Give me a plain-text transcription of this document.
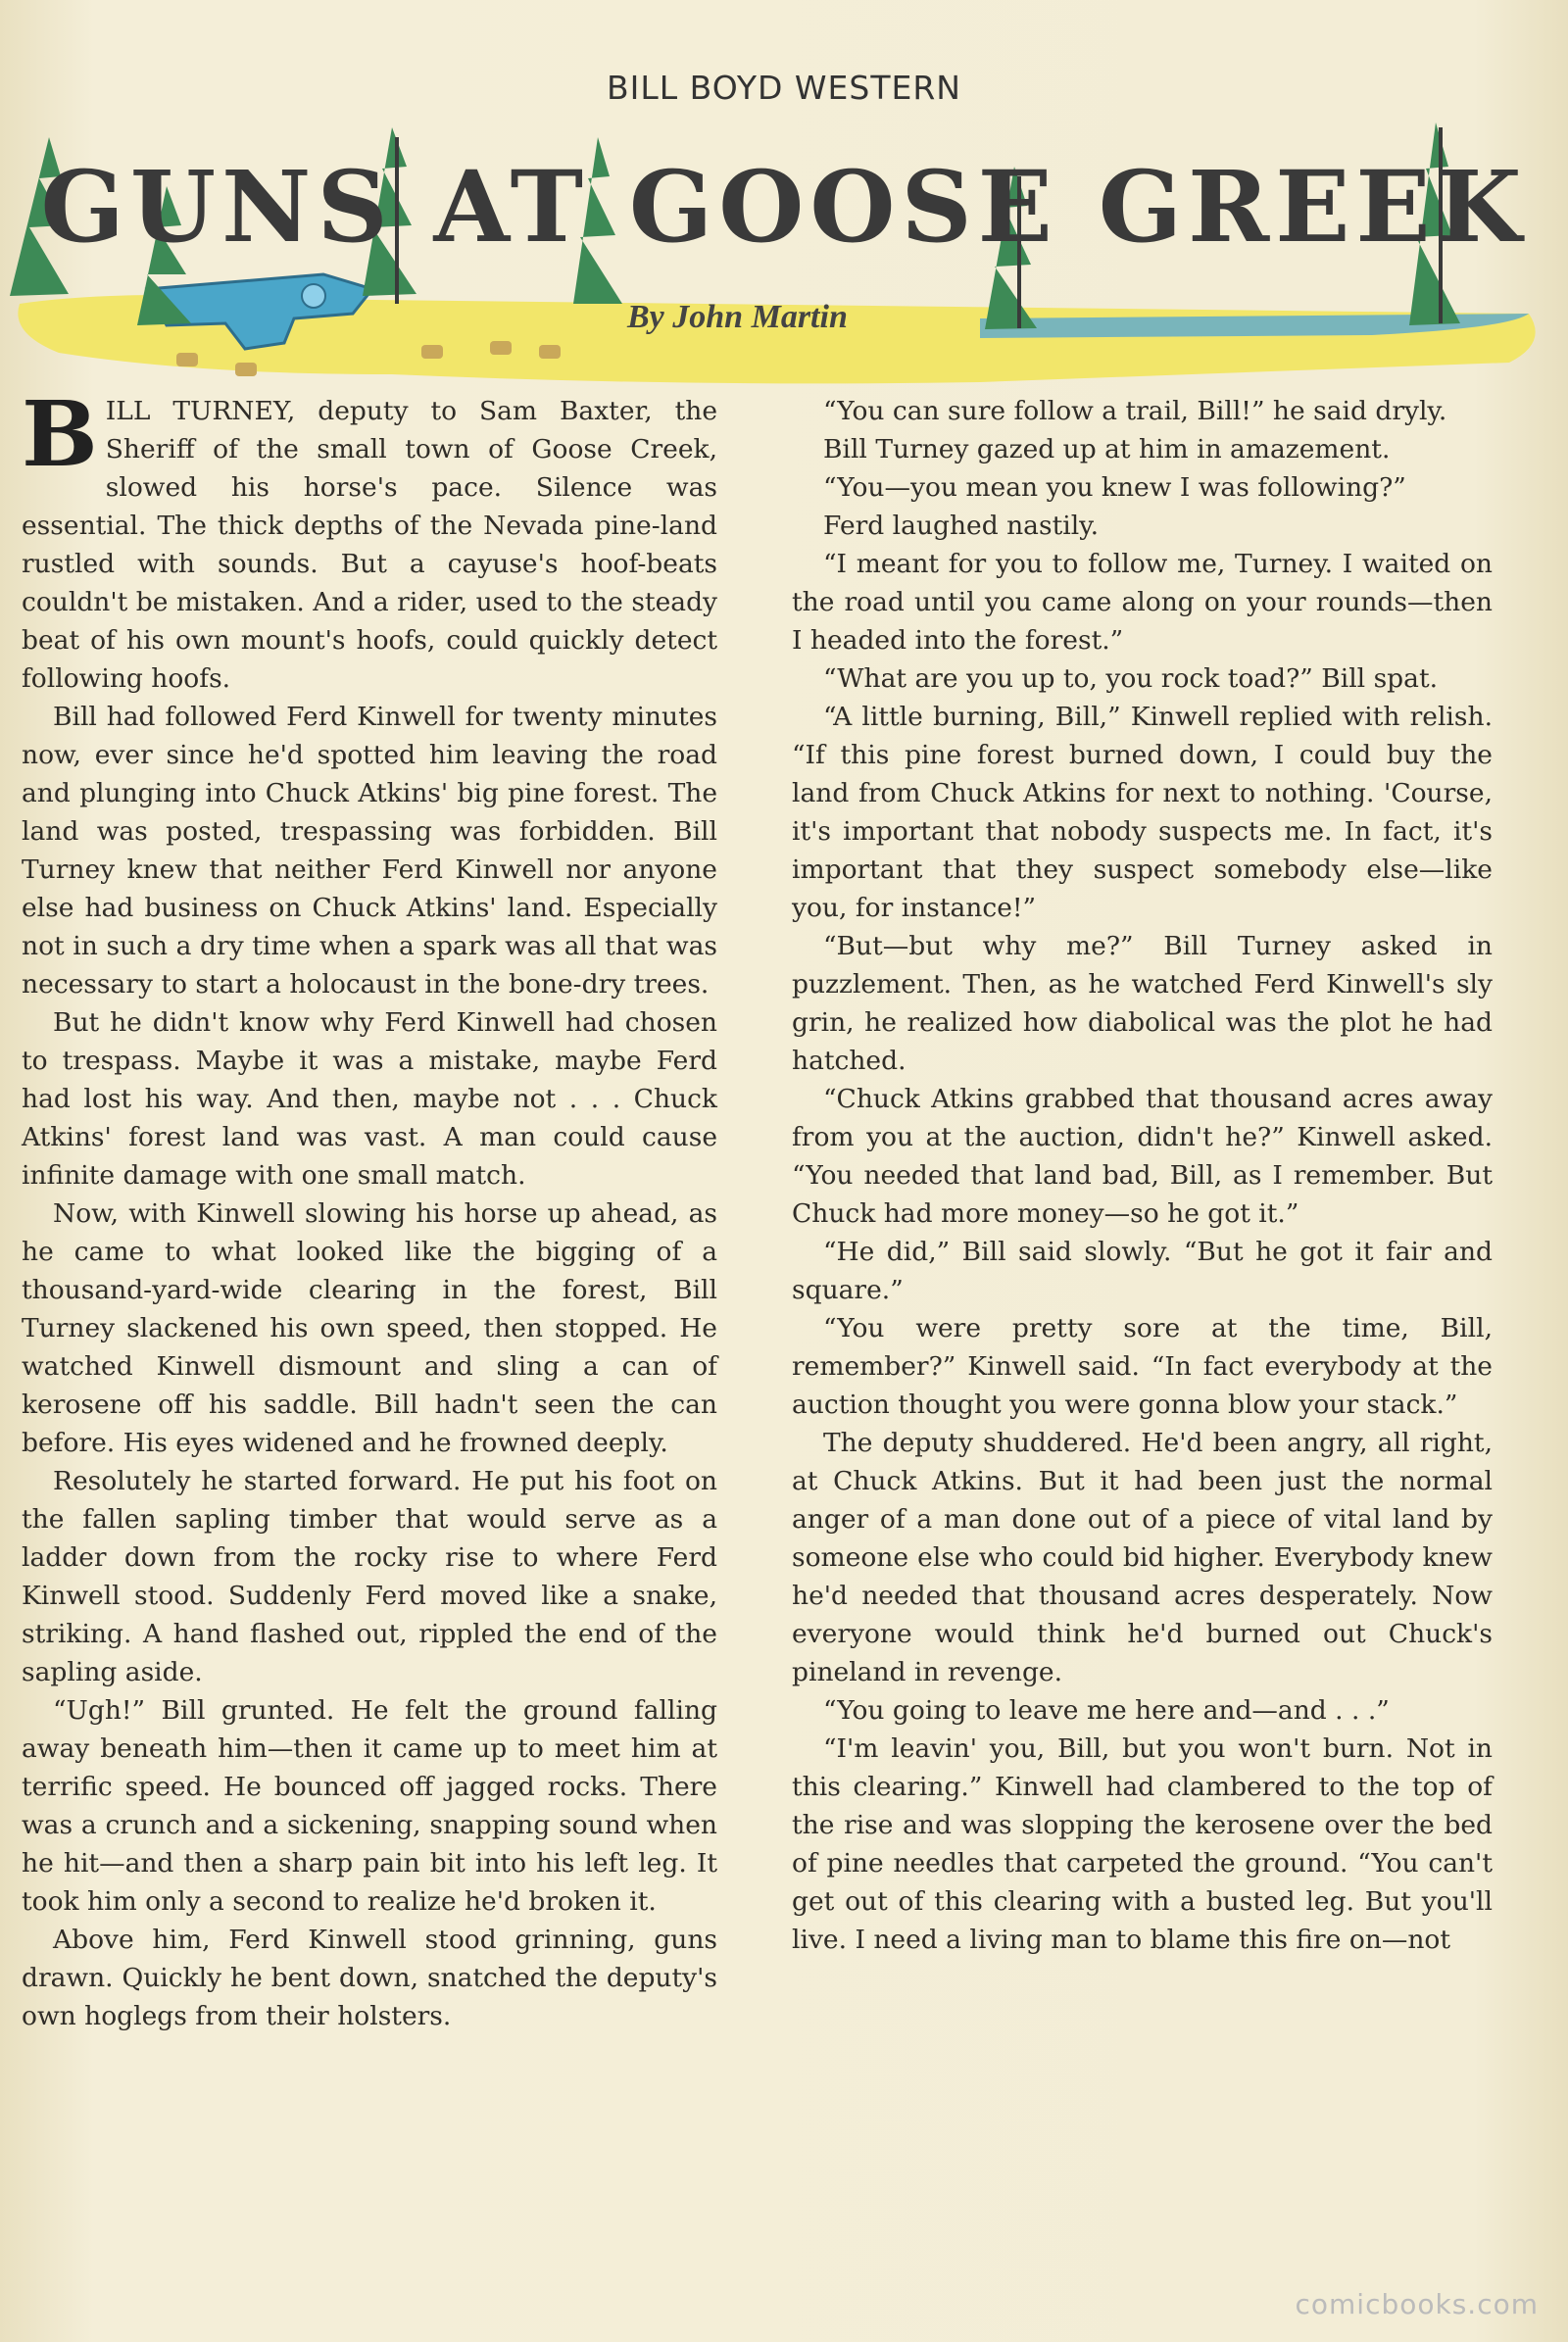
BILL BOYD WESTERN
GUNS AT GOOSE GREEK
By John Martin

BILL TURNEY, deputy to Sam Baxter, the Sheriff of the small town of Goose Creek, slowed his horse's pace. Silence was essential. The thick depths of the Nevada pine-land rustled with sounds. But a cayuse's hoof-beats couldn't be mistaken. And a rider, used to the steady beat of his own mount's hoofs, could quickly detect following hoofs.

Bill had followed Ferd Kinwell for twenty minutes now, ever since he'd spotted him leaving the road and plunging into Chuck Atkins' big pine forest. The land was posted, trespassing was forbidden. Bill Turney knew that neither Ferd Kinwell nor anyone else had business on Chuck Atkins' land. Especially not in such a dry time when a spark was all that was necessary to start a holocaust in the bone-dry trees.

But he didn't know why Ferd Kinwell had chosen to trespass. Maybe it was a mistake, maybe Ferd had lost his way. And then, maybe not . . . Chuck Atkins' forest land was vast. A man could cause infinite damage with one small match.

Now, with Kinwell slowing his horse up ahead, as he came to what looked like the bigging of a thousand-yard-wide clearing in the forest, Bill Turney slackened his own speed, then stopped. He watched Kinwell dismount and sling a can of kerosene off his saddle. Bill hadn't seen the can before. His eyes widened and he frowned deeply.

Resolutely he started forward. He put his foot on the fallen sapling timber that would serve as a ladder down from the rocky rise to where Ferd Kinwell stood. Suddenly Ferd moved like a snake, striking. A hand flashed out, rippled the end of the sapling aside.

“Ugh!” Bill grunted. He felt the ground falling away beneath him—then it came up to meet him at terrific speed. He bounced off jagged rocks. There was a crunch and a sickening, snapping sound when he hit—and then a sharp pain bit into his left leg. It took him only a second to realize he'd broken it.

Above him, Ferd Kinwell stood grinning, guns drawn. Quickly he bent down, snatched the deputy's own hoglegs from their holsters.

“You can sure follow a trail, Bill!” he said dryly.

Bill Turney gazed up at him in amazement.

“You—you mean you knew I was following?”

Ferd laughed nastily.

“I meant for you to follow me, Turney. I waited on the road until you came along on your rounds—then I headed into the forest.”

“What are you up to, you rock toad?” Bill spat.

“A little burning, Bill,” Kinwell replied with relish. “If this pine forest burned down, I could buy the land from Chuck Atkins for next to nothing. 'Course, it's important that nobody suspects me. In fact, it's important that they suspect somebody else—like you, for instance!”

“But—but why me?” Bill Turney asked in puzzlement. Then, as he watched Ferd Kinwell's sly grin, he realized how diabolical was the plot he had hatched.

“Chuck Atkins grabbed that thousand acres away from you at the auction, didn't he?” Kinwell asked. “You needed that land bad, Bill, as I remember. But Chuck had more money—so he got it.”

“He did,” Bill said slowly. “But he got it fair and square.”

“You were pretty sore at the time, Bill, remember?” Kinwell said. “In fact everybody at the auction thought you were gonna blow your stack.”

The deputy shuddered. He'd been angry, all right, at Chuck Atkins. But it had been just the normal anger of a man done out of a piece of vital land by someone else who could bid higher. Everybody knew he'd needed that thousand acres desperately. Now everyone would think he'd burned out Chuck's pineland in revenge.

“You going to leave me here and—and . . .”

“I'm leavin' you, Bill, but you won't burn. Not in this clearing.” Kinwell had clambered to the top of the rise and was slopping the kerosene over the bed of pine needles that carpeted the ground. “You can't get out of this clearing with a busted leg. But you'll live. I need a living man to blame this fire on—not

comicbooks.com
